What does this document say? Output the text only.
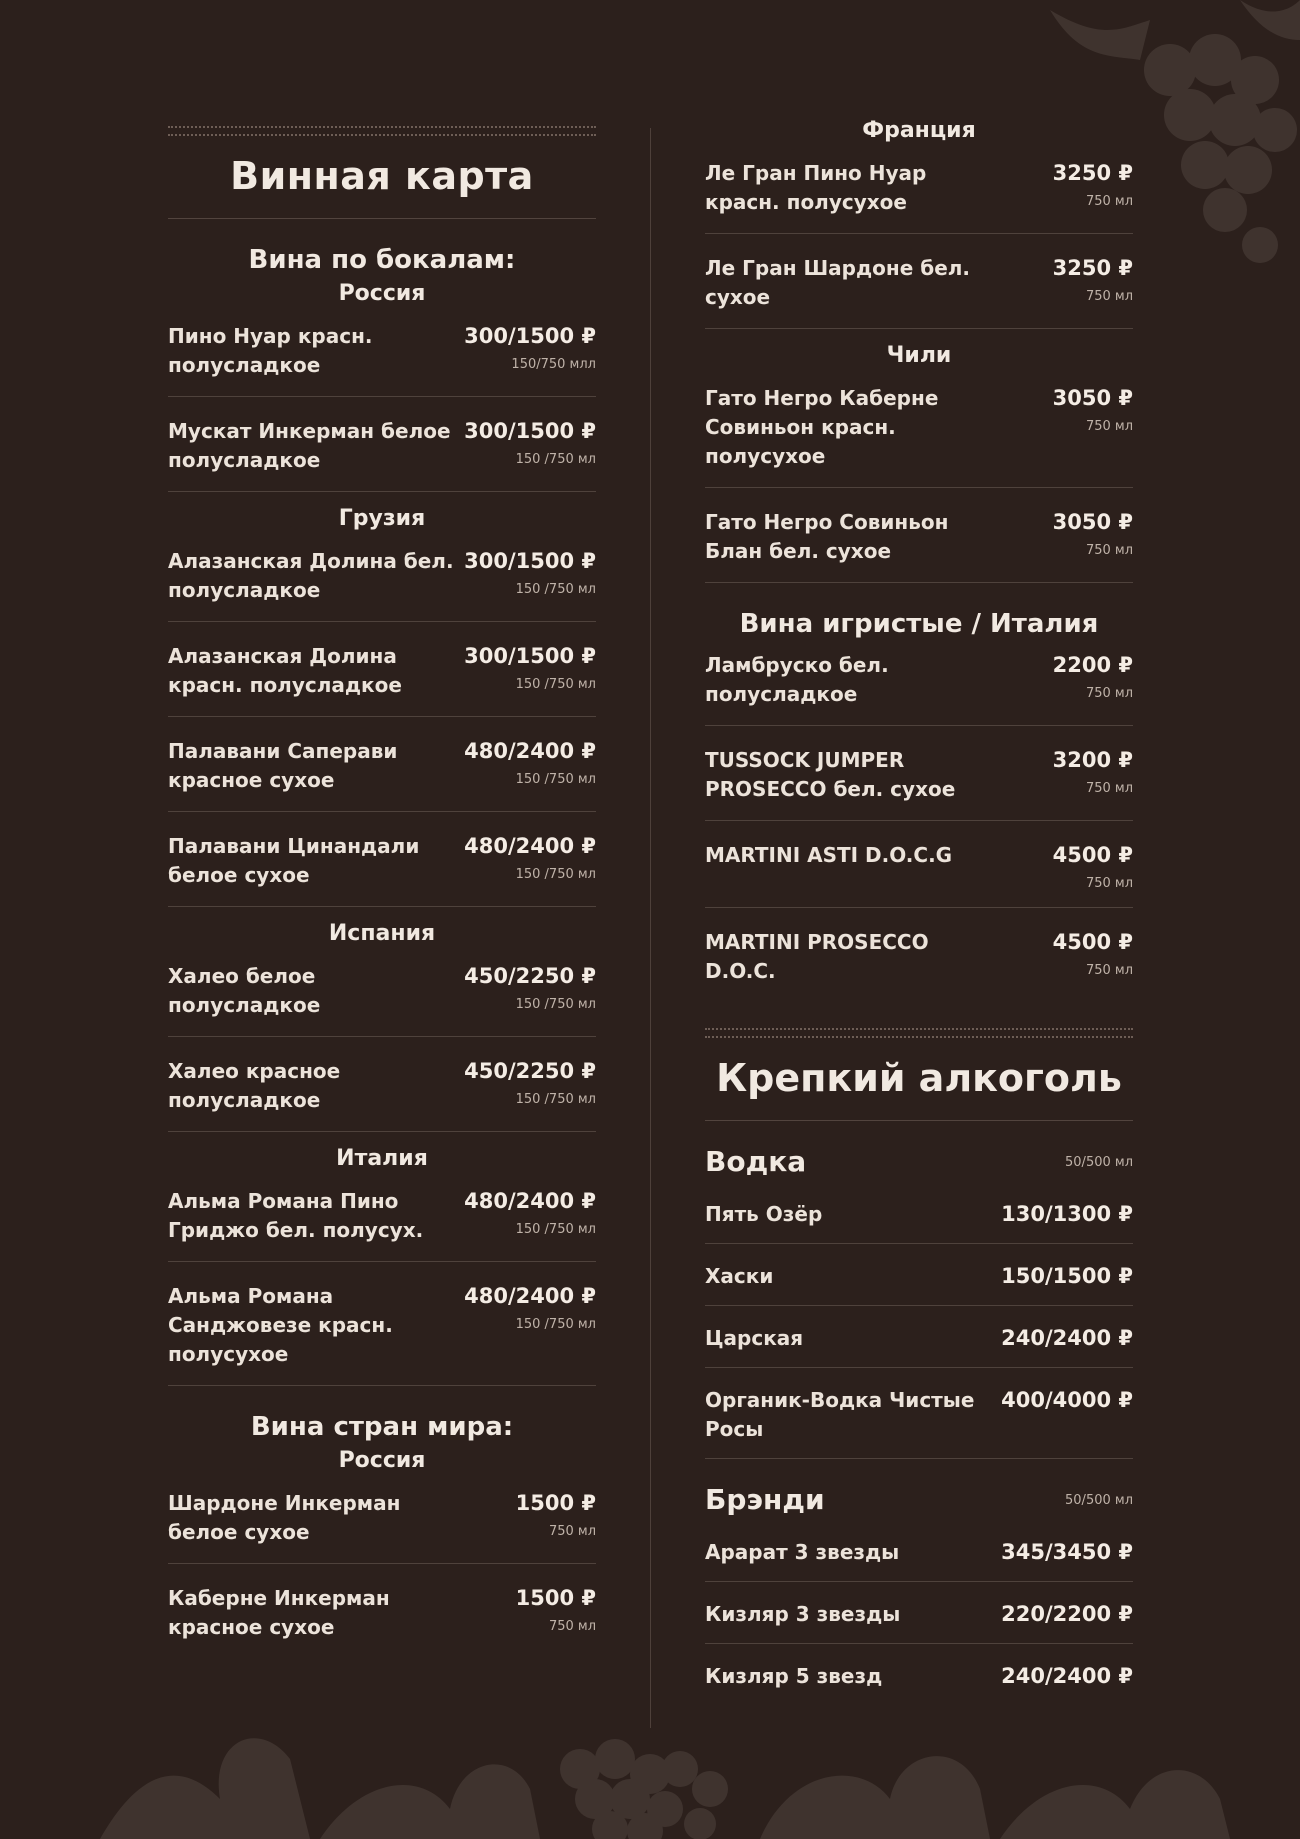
Винная карта
Вина по бокалам:
Россия
Пино Нуар красн. полусладкое
300/1500 ₽
150/750 млл
Мускат Инкерман белое полусладкое
300/1500 ₽
150 /750 мл
Грузия
Алазанская Долина бел. полусладкое
300/1500 ₽
150 /750 мл
Алазанская Долина красн. полусладкое
300/1500 ₽
150 /750 мл
Палавани Саперави красное сухое
480/2400 ₽
150 /750 мл
Палавани Цинандали белое сухое
480/2400 ₽
150 /750 мл
Испания
Халео белое полусладкое
450/2250 ₽
150 /750 мл
Халео красное полусладкое
450/2250 ₽
150 /750 мл
Италия
Альма Романа Пино Гриджо бел. полусух.
480/2400 ₽
150 /750 мл
Альма Романа Санджовезе красн. полусухое
480/2400 ₽
150 /750 мл
Вина стран мира:
Россия
Шардоне Инкерман белое сухое
1500 ₽
750 мл
Каберне Инкерман красное сухое
1500 ₽
750 мл
Франция
Ле Гран Пино Нуар красн. полусухое
3250 ₽
750 мл
Ле Гран Шардоне бел. сухое
3250 ₽
750 мл
Чили
Гато Негро Каберне Совиньон красн. полусухое
3050 ₽
750 мл
Гато Негро Совиньон Блан бел. сухое
3050 ₽
750 мл
Вина игристые / Италия
Ламбруско бел. полусладкое
2200 ₽
750 мл
TUSSOCK JUMPER PROSECCO бел. сухое
3200 ₽
750 мл
MARTINI ASTI D.O.C.G	4500 ₽
750 мл
MARTINI PROSECCO D.O.C.
4500 ₽
750 мл
Крепкий алкоголь
Водка	50/500 мл
Пять Озёр	130/1300 ₽
Хаски	150/1500 ₽
Царская	240/2400 ₽
Органик-Водка Чистые Росы
400/4000 ₽
Брэнди	50/500 мл
Арарат 3 звезды	345/3450 ₽
Кизляр 3 звезды	220/2200 ₽
Кизляр 5 звезд	240/2400 ₽
